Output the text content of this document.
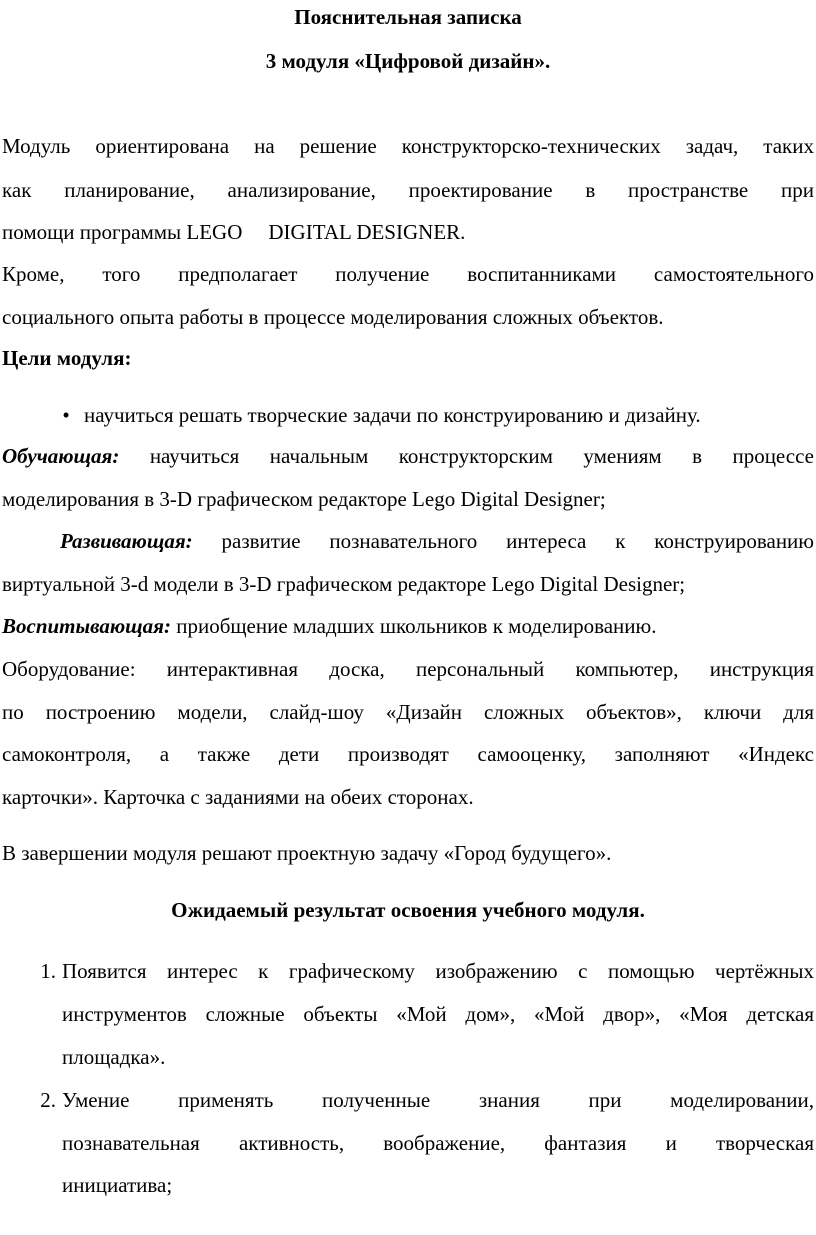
Пояснительная записка
3 модуля «Цифровой дизайн».
Модуль ориентирована на решение конструкторско-технических задач, таких
как планирование, анализирование, проектирование в пространстве при
помощи программы LEGO DIGITAL DESIGNER.
Кроме, того предполагает получение воспитанниками самостоятельного
социального опыта работы в процессе моделирования сложных объектов.
Цели модуля:
• научиться решать творческие задачи по конструированию и дизайну.
Обучающая: научиться начальным конструкторским умениям в процессе
моделирования в 3-D графическом редакторе Lego Digital Designer;
Развивающая: развитие познавательного интереса к конструированию
виртуальной 3-d модели в 3-D графическом редакторе Lego Digital Designer;
Воспитывающая: приобщение младших школьников к моделированию.
Оборудование: интерактивная доска, персональный компьютер, инструкция
по построению модели, слайд-шоу «Дизайн сложных объектов», ключи для
самоконтроля, а также дети производят самооценку, заполняют «Индекс
карточки». Карточка с заданиями на обеих сторонах.
В завершении модуля решают проектную задачу «Город будущего».
Ожидаемый результат освоения учебного модуля.
1. Появится интерес к графическому изображению с помощью чертёжных
инструментов сложные объекты «Мой дом», «Мой двор», «Моя детская
площадка».
2. Умение применять полученные знания при моделировании,
познавательная активность, воображение, фантазия и творческая
инициатива;
